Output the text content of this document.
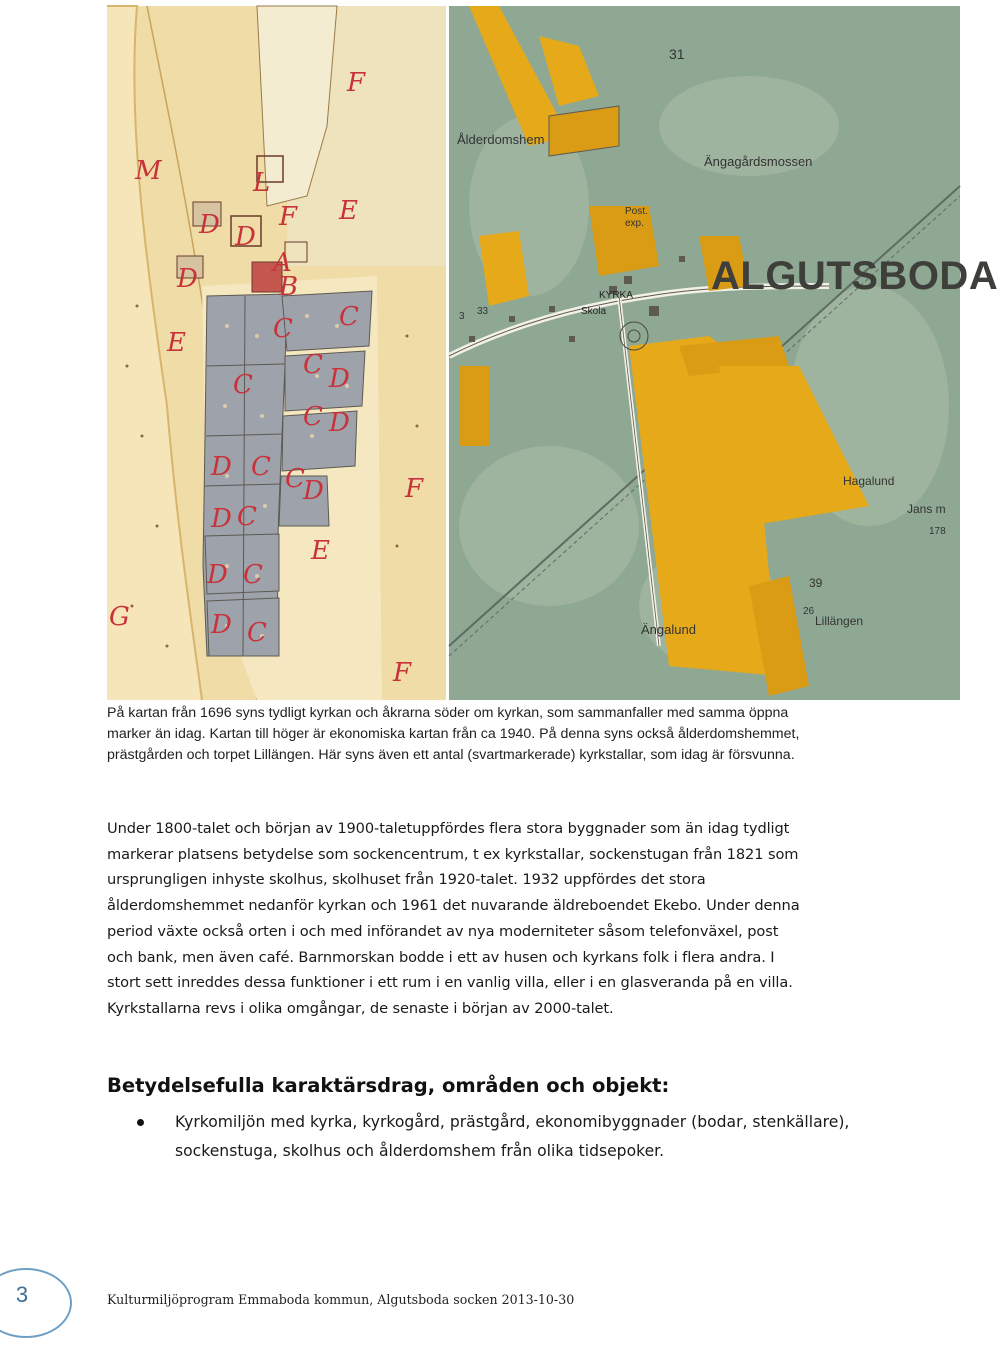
M
F
L
D F E
D
A
B
D
C
E
C
C	D
C D
D C C
D
E
D C
F
D C
G	D C
C
F
Ålderdomshem
Ängagårdsmossen
Post.
exp.
ALGUTSBODA
KYRKA
Skola
Hagalund
Jans m
178
Ängalund
Lillängen
31
33
39
26
3

På kartan från 1696 syns tydligt kyrkan och åkrarna söder om kyrkan, som sammanfaller med samma öppna

marker än idag. Kartan till höger är ekonomiska kartan från ca 1940. På denna syns också ålderdomshemmet,

prästgården och torpet Lillängen. Här syns även ett antal (svartmarkerade) kyrkstallar, som idag är försvunna.

Under 1800-talet och början av 1900-taletuppfördes flera stora byggnader som än idag tydligt

markerar platsens betydelse som sockencentrum, t ex kyrkstallar, sockenstugan från 1821 som

ursprungligen inhyste skolhus, skolhuset från 1920-talet. 1932 uppfördes det stora

ålderdomshemmet nedanför kyrkan och 1961 det nuvarande äldreboendet Ekebo. Under denna

period växte också orten i och med införandet av nya moderniteter såsom telefonväxel, post

och bank, men även café. Barnmorskan bodde i ett av husen och kyrkans folk i flera andra. I

stort sett inreddes dessa funktioner i ett rum i en vanlig villa, eller i en glasveranda på en villa.

Kyrkstallarna revs i olika omgångar, de senaste i början av 2000-talet.

Betydelsefulla karaktärsdrag, områden och objekt:
Kyrkomiljön med kyrka, kyrkogård, prästgård, ekonomibyggnader (bodar, stenkällare),
sockenstuga, skolhus och ålderdomshem från olika tidsepoker.
3	Kulturmiljöprogram Emmaboda kommun, Algutsboda socken 2013-10-30
